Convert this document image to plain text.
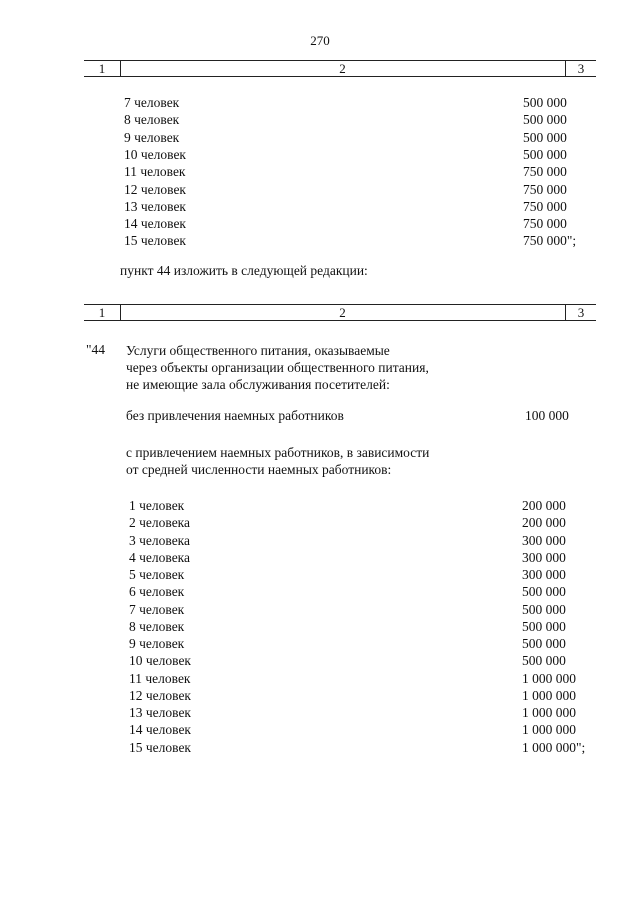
270
1	2	3
7 человек	500 000
8 человек	500 000
9 человек	500 000
10 человек	500 000
11 человек	750 000
12 человек	750 000
13 человек	750 000
14 человек	750 000
15 человек	750 000";
пункт 44 изложить в следующей редакции:
1	2	3
"44 Услуги общественного питания, оказываемые
через объекты организации общественного питания,
не имеющие зала обслуживания посетителей:
без привлечения наемных работников	100 000
с привлечением наемных работников, в зависимости
от средней численности наемных работников:
1 человек	200 000
2 человека	200 000
3 человека	300 000
4 человека	300 000
5 человек	300 000
6 человек	500 000
7 человек	500 000
8 человек	500 000
9 человек	500 000
10 человек	500 000
11 человек	1 000 000
12 человек	1 000 000
13 человек	1 000 000
14 человек	1 000 000
15 человек	1 000 000";
